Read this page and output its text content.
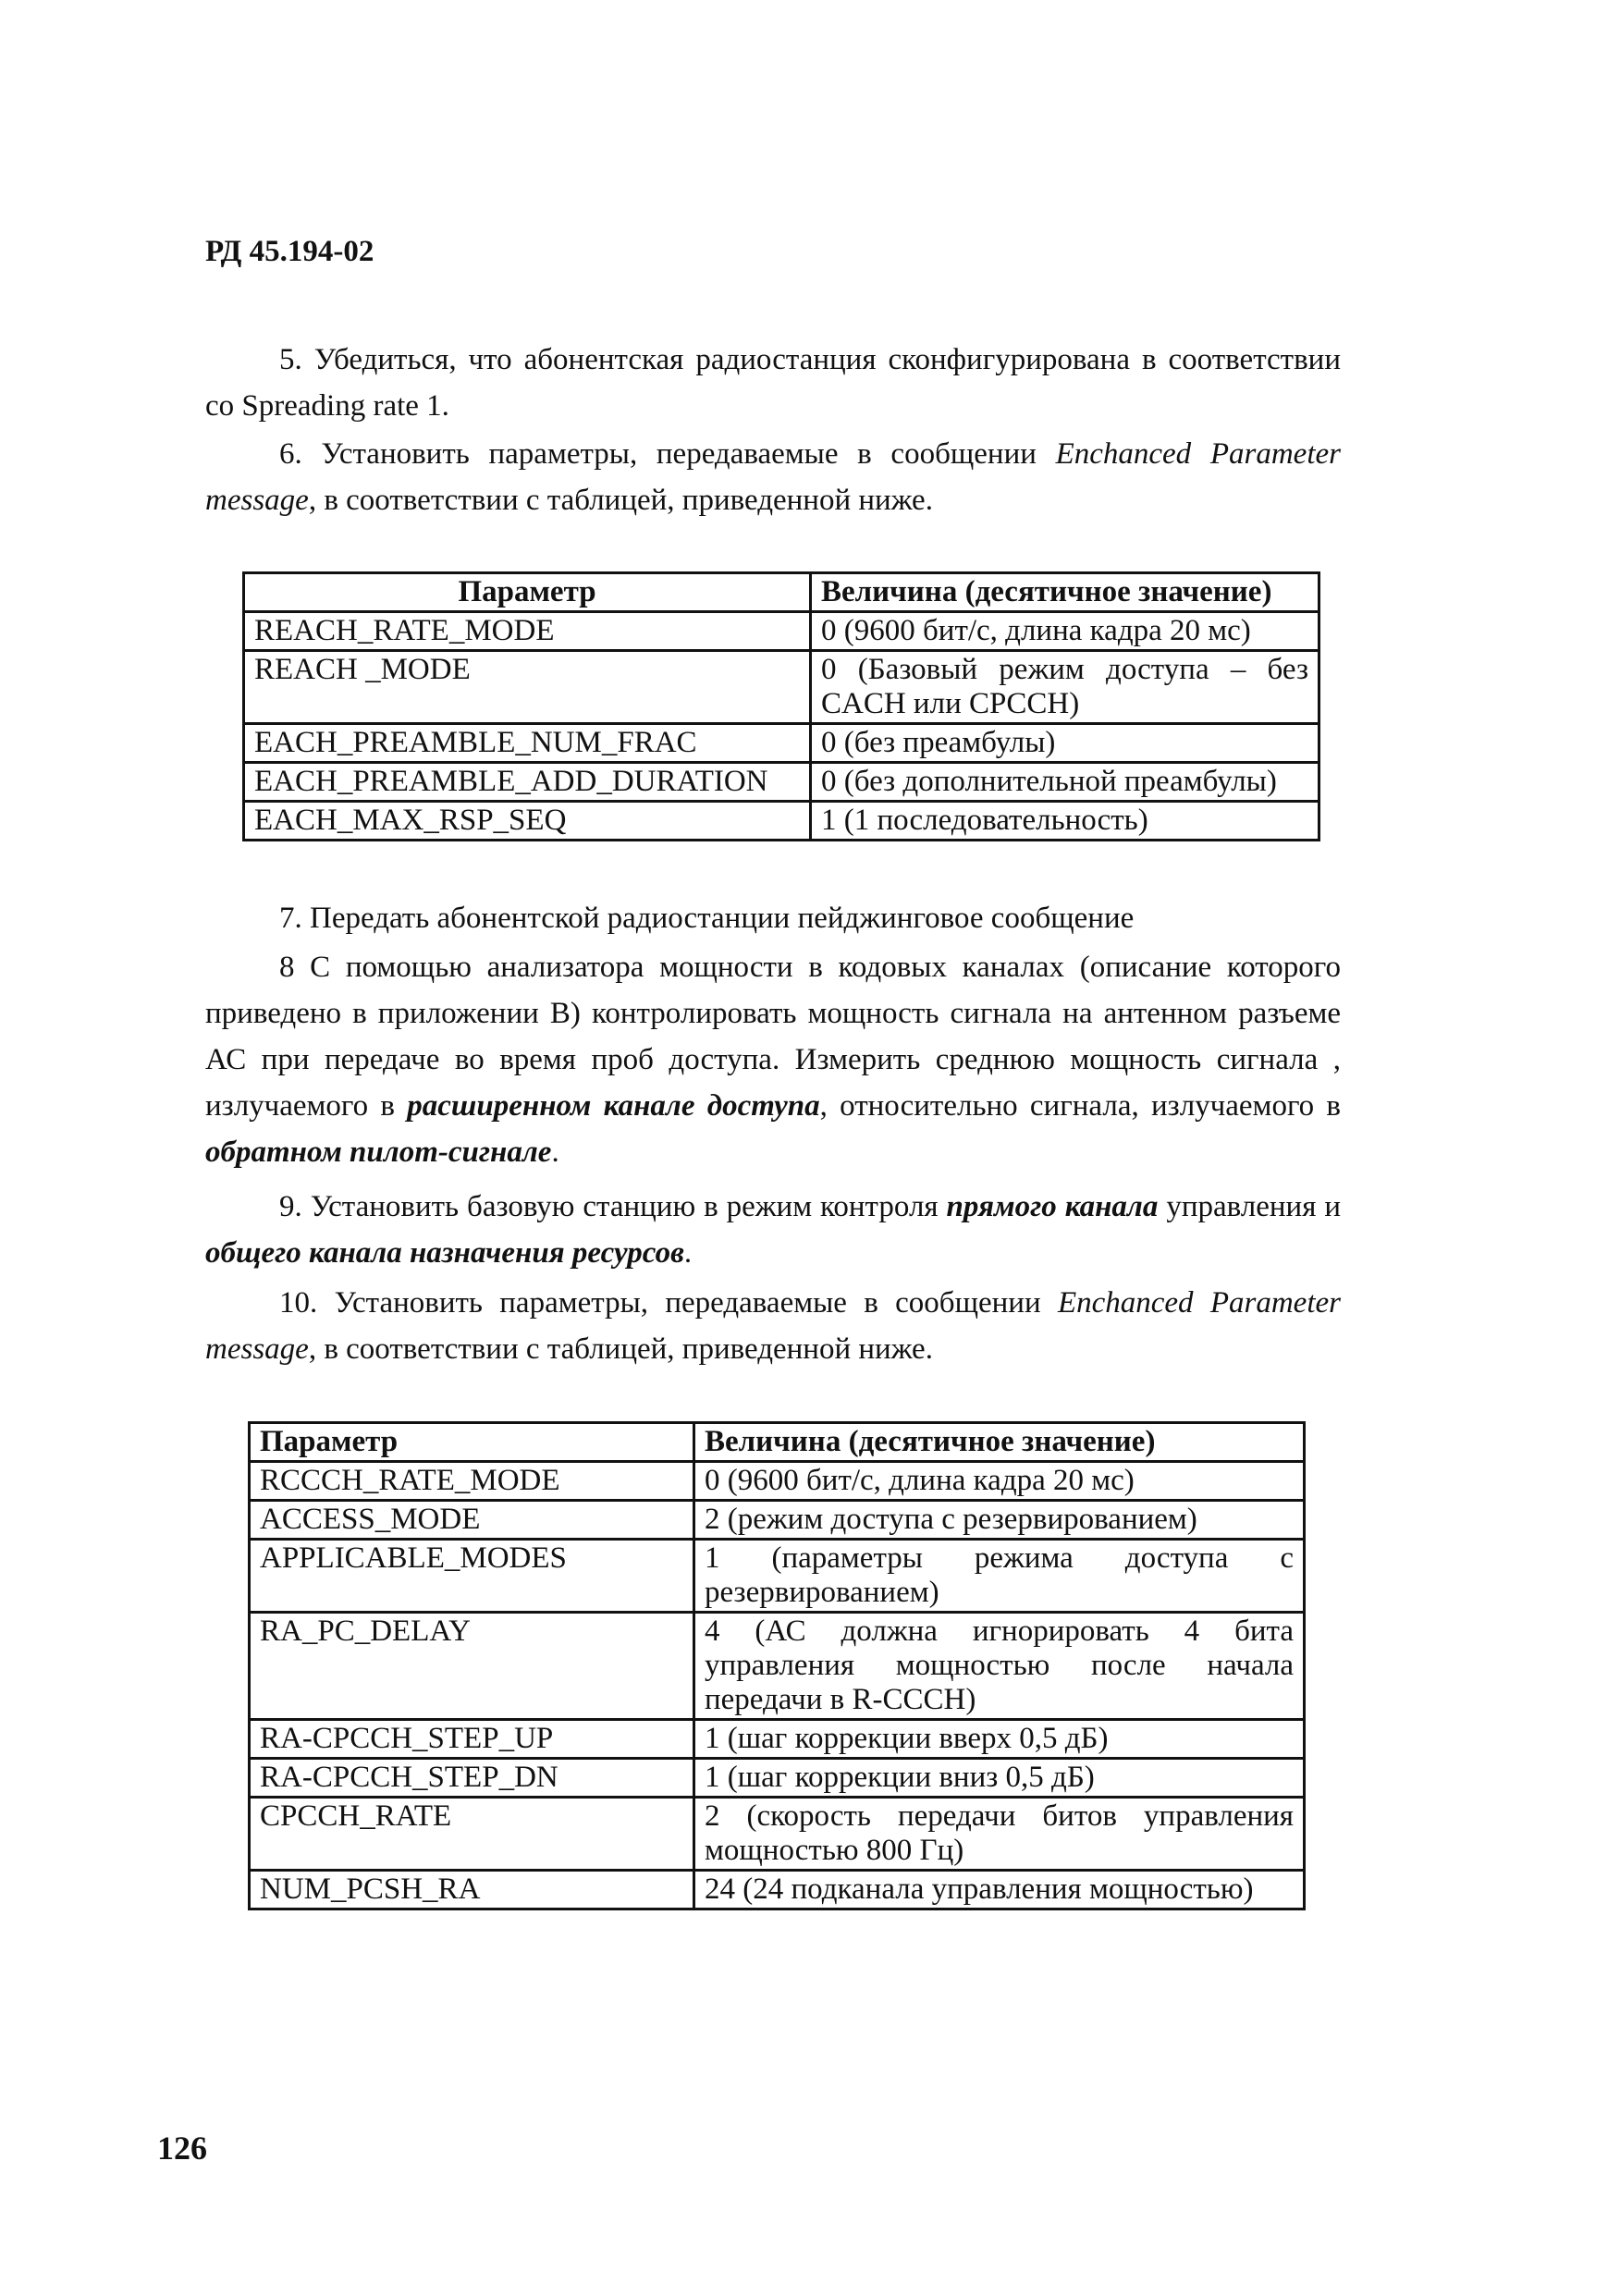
РД 45.194-02

5. Убедиться, что абонентская радиостанция сконфигурирована в соответствии со Spreading rate 1.

6. Установить параметры, передаваемые в сообщении Enchanced Parameter message, в соответствии с таблицей, приведенной ниже.

Параметр	Величина (десятичное значение)
REACH_RATE_MODE	0 (9600 бит/с, длина кадра 20 мс)
REACH _MODE	0 (Базовый режим доступа – без CACH или CPCCH)
EACH_PREAMBLE_NUM_FRAC	0 (без преамбулы)
EACH_PREAMBLE_ADD_DURATION	0 (без дополнительной преамбулы)
EACH_MAX_RSP_SEQ	1 (1 последовательность)

7. Передать абонентской радиостанции пейджинговое сообщение

8 С помощью анализатора мощности в кодовых каналах (описание которого приведено в приложении В) контролировать мощность сигнала на антенном разъеме АС при передаче во время проб доступа. Измерить среднюю мощность сигнала , излучаемого в расширенном канале доступа, относительно сигнала, излучаемого в обратном пилот-сигнале.

9. Установить базовую станцию в режим контроля прямого канала управления и общего канала назначения ресурсов.

10. Установить параметры, передаваемые в сообщении Enchanced Parameter message, в соответствии с таблицей, приведенной ниже.

Параметр	Величина (десятичное значение)
RCCCH_RATE_MODE	0 (9600 бит/с, длина кадра 20 мс)
ACCESS_MODE	2 (режим доступа с резервированием)
APPLICABLE_MODES	1 (параметры режима доступа с резервированием)
RA_PC_DELAY	4 (АС должна игнорировать 4 бита управления мощностью после начала передачи в R-CCCH)
RA-CPCCH_STEP_UP	1 (шаг коррекции вверх 0,5 дБ)
RA-CPCCH_STEP_DN	1 (шаг коррекции вниз 0,5 дБ)
CPCCH_RATE	2 (скорость передачи битов управления мощностью 800 Гц)
NUM_PCSH_RA	24 (24 подканала управления мощностью)
126
